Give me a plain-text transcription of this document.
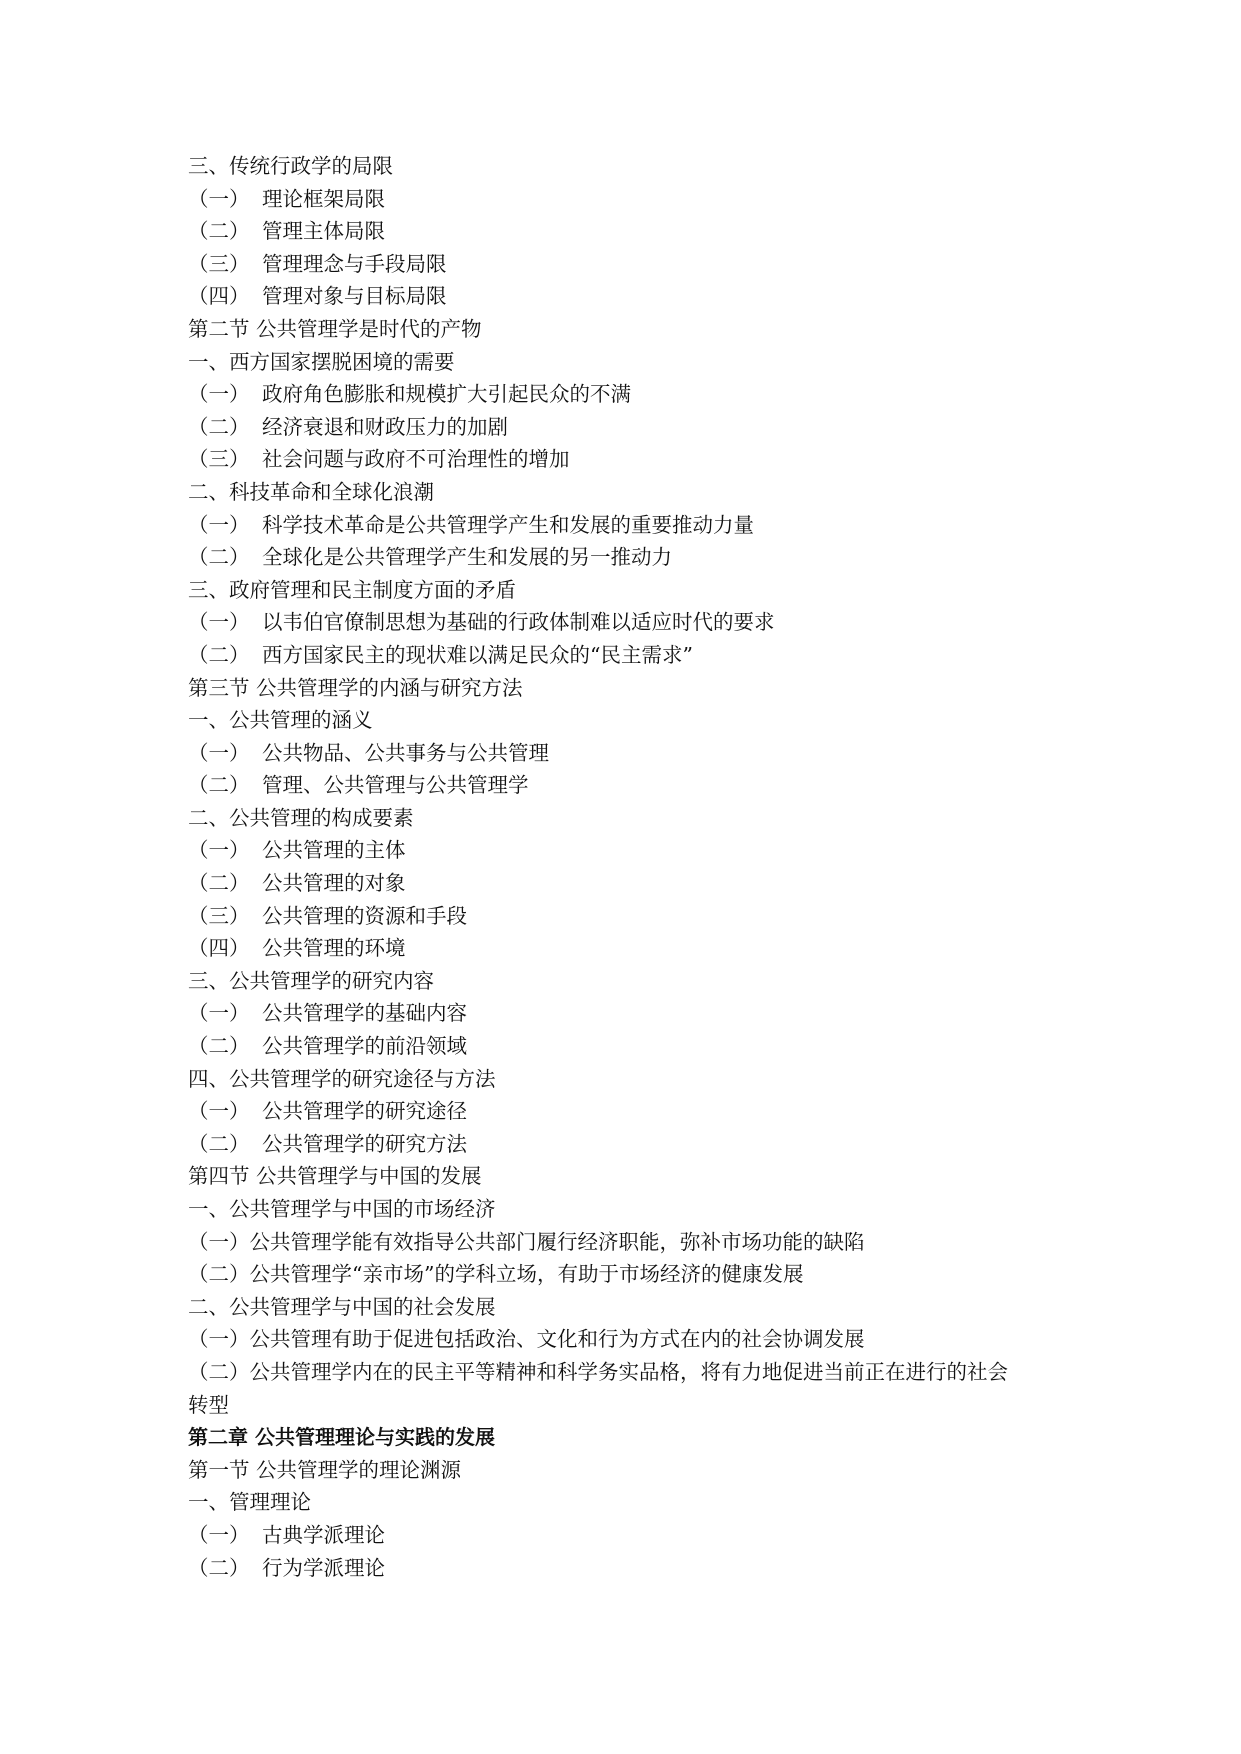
三、传统行政学的局限
（一） 理论框架局限
（二） 管理主体局限
（三） 管理理念与手段局限
（四） 管理对象与目标局限
第二节 公共管理学是时代的产物
一、西方国家摆脱困境的需要
（一） 政府角色膨胀和规模扩大引起民众的不满
（二） 经济衰退和财政压力的加剧
（三） 社会问题与政府不可治理性的增加
二、科技革命和全球化浪潮
（一） 科学技术革命是公共管理学产生和发展的重要推动力量
（二） 全球化是公共管理学产生和发展的另一推动力
三、政府管理和民主制度方面的矛盾
（一） 以韦伯官僚制思想为基础的行政体制难以适应时代的要求
（二） 西方国家民主的现状难以满足民众的“民主需求”
第三节 公共管理学的内涵与研究方法
一、公共管理的涵义
（一） 公共物品、公共事务与公共管理
（二） 管理、公共管理与公共管理学
二、公共管理的构成要素
（一） 公共管理的主体
（二） 公共管理的对象
（三） 公共管理的资源和手段
（四） 公共管理的环境
三、公共管理学的研究内容
（一） 公共管理学的基础内容
（二） 公共管理学的前沿领域
四、公共管理学的研究途径与方法
（一） 公共管理学的研究途径
（二） 公共管理学的研究方法
第四节 公共管理学与中国的发展
一、公共管理学与中国的市场经济
（一）公共管理学能有效指导公共部门履行经济职能，弥补市场功能的缺陷
（二）公共管理学“亲市场”的学科立场，有助于市场经济的健康发展
二、公共管理学与中国的社会发展
（一）公共管理有助于促进包括政治、文化和行为方式在内的社会协调发展
（二）公共管理学内在的民主平等精神和科学务实品格，将有力地促进当前正在进行的社会
转型
第二章 公共管理理论与实践的发展
第一节 公共管理学的理论渊源
一、管理理论
（一） 古典学派理论
（二） 行为学派理论
